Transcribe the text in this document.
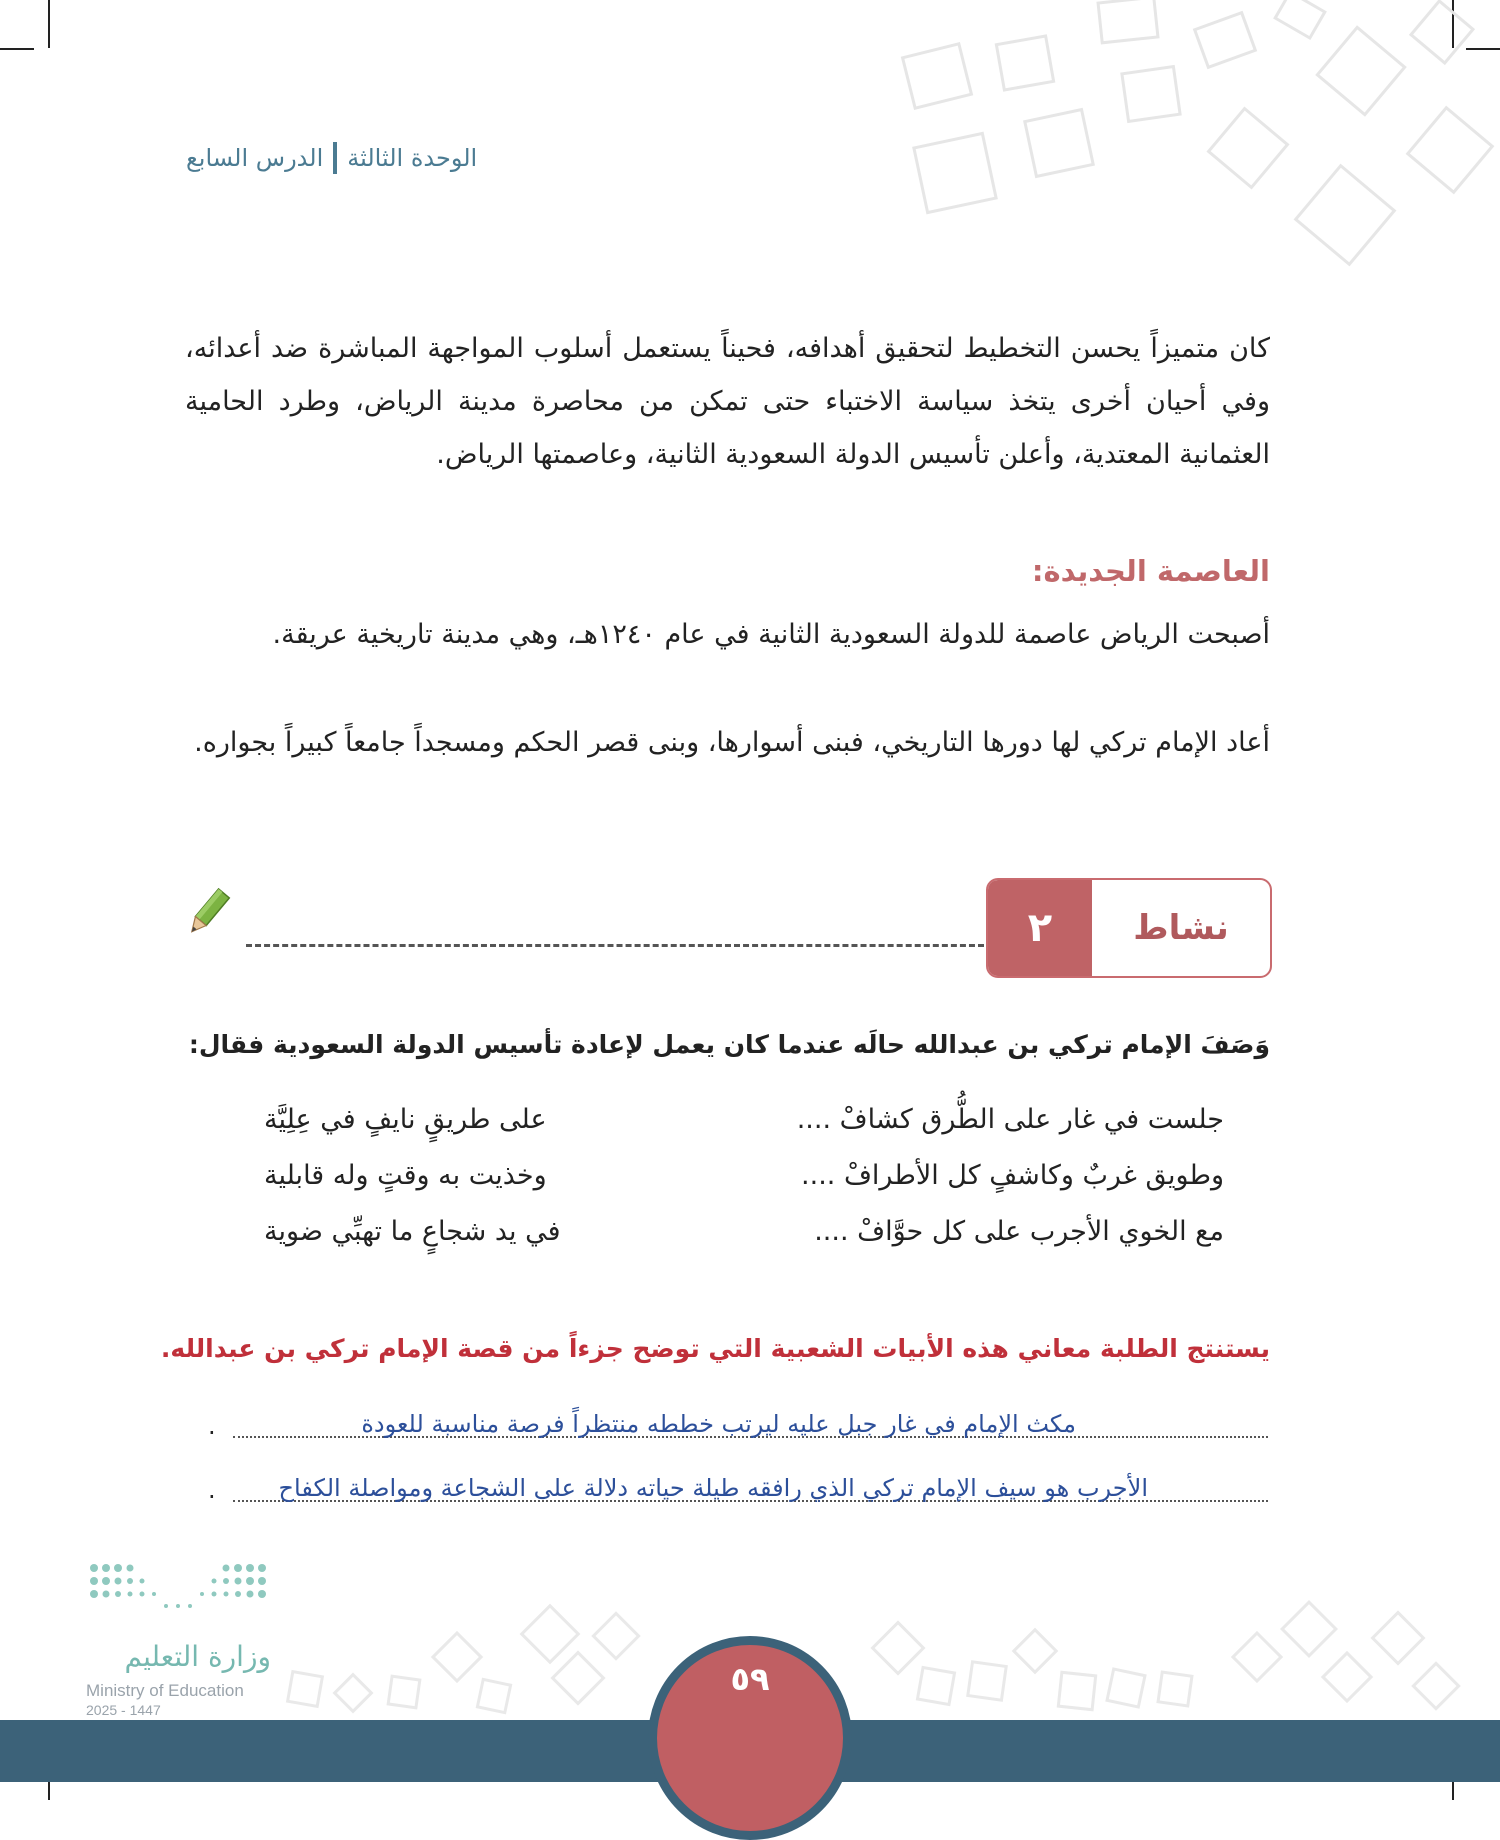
الوحدة الثالثة
الدرس السابع
كان متميزاً يحسن التخطيط لتحقيق أهدافه، فحيناً يستعمل أسلوب المواجهة المباشرة ضد أعدائه، وفي أحيان أخرى يتخذ سياسة الاختباء حتى تمكن من محاصرة مدينة الرياض، وطرد الحامية العثمانية المعتدية، وأعلن تأسيس الدولة السعودية الثانية، وعاصمتها الرياض.
العاصمة الجديدة:
أصبحت الرياض عاصمة للدولة السعودية الثانية في عام ١٢٤٠هـ، وهي مدينة تاريخية عريقة.
أعاد الإمام تركي لها دورها التاريخي، فبنى أسوارها، وبنى قصر الحكم ومسجداً جامعاً كبيراً بجواره.
٢	نشاط
وَصَفَ الإمام تركي بن عبدالله حالَه عندما كان يعمل لإعادة تأسيس الدولة السعودية فقال:
جلست في غار على الطُّرق كشافْ ....
على طريقٍ نايفٍ في عِلِيَّة
وطويق غربٌ وكاشفٍ كل الأطرافْ ....
وخذيت به وقتٍ وله قابلية
مع الخوي الأجرب على كل حوَّافْ ....
في يد شجاعٍ ما تهبِّي ضوية
يستنتج الطلبة معاني هذه الأبيات الشعبية التي توضح جزءاً من قصة الإمام تركي بن عبدالله.
مكث الإمام في غار جبل عليه ليرتب خططه منتظراً فرصة مناسبة للعودة
.
الأجرب هو سيف الإمام تركي الذي رافقه طيلة حياته دلالة على الشجاعة ومواصلة الكفاح
.
٥٩
وزارة التعليم
Ministry of Education
2025 - 1447
